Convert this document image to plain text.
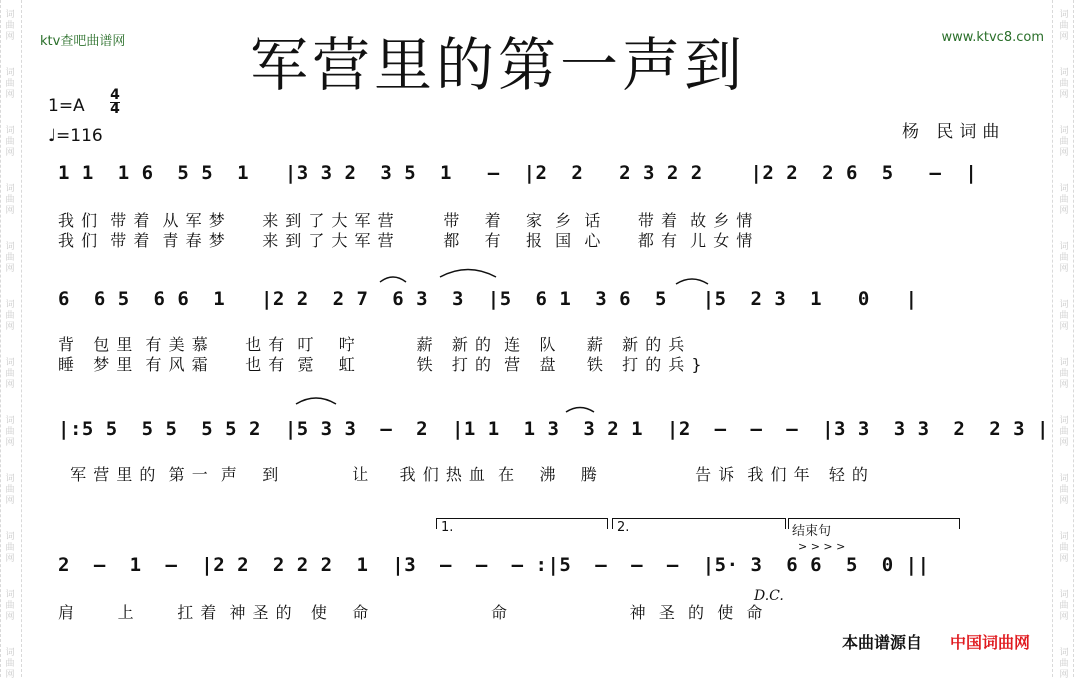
词
曲
网
词
曲
网
词
曲
网
词
曲
网
词
曲
网
词
曲
网
词
曲
网
词
曲
网
词
曲
网
词
曲
网
词
曲
网
词
曲
网
词
曲
网
词
曲
网
词
曲
网
词
曲
网
词
曲
网
词
曲
网
词
曲
网
词
曲
网
词
曲
网
词
曲
网
词
曲
网
词
曲
网
ktv查吧曲谱网	www.ktvc8.com
军营里的第一声到
1=A
4
4
♩=116	杨 民词曲
1 1  1 6  5 5  1   |3 3 2  3 5  1   –  |2  2   2 3 2 2    |2 2  2 6  5   –  |
我 们  带 着  从 军 梦      来 到 了 大 军 营        带    着    家  乡  话      带 着  故 乡 情
我 们  带 着  青 春 梦      来 到 了 大 军 营        都    有    报  国  心      都 有  儿 女 情
6  6 5  6 6  1   |2 2  2 7  6 3  3  |5  6 1  3 6  5   |5  2 3  1   0   |
背   包 里  有 美 慕      也 有  叮    咛          薪   新 的  连   队     薪   新 的 兵
睡   梦 里  有 风 霜      也 有  霓    虹          铁   打 的  营   盘     铁   打 的 兵 }
|:5 5  5 5  5 5 2  |5 3 3  –  2  |1 1  1 3  3 2 1  |2  –  –  –  |3 3  3 3  2  2 3 |
军 营 里 的  第 一  声    到            让     我 们 热 血  在    沸    腾                告 诉  我 们 年   轻 的
1.	2.	结束句
2  –  1  –  |2 2  2 2 2  1  |3  –  –  – :|5  –  –  –  |5· 3  6 6  5  0 ||
D.C.
肩       上       扛 着  神 圣 的   使    命                    命                    神  圣  的  使  命
> > > >
本曲谱源自 中国词曲网
